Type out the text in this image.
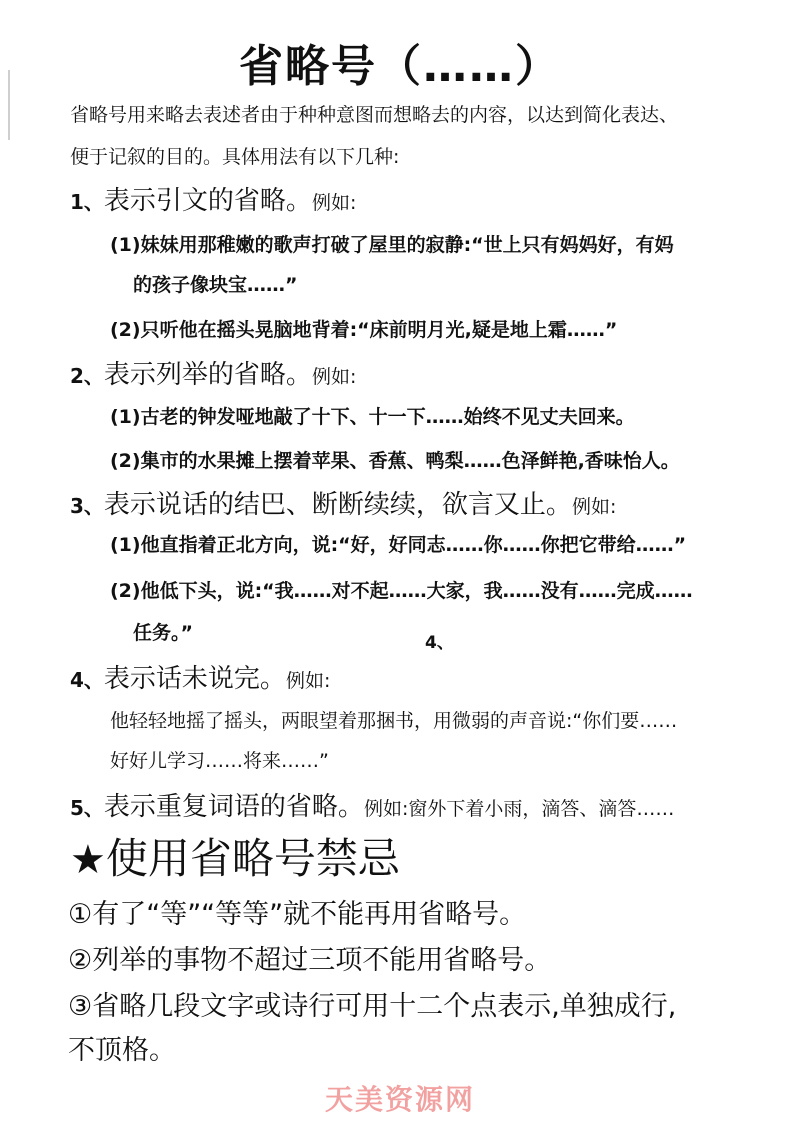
省略号（……）
省略号用来略去表述者由于种种意图而想略去的内容，以达到简化表达、
便于记叙的目的。具体用法有以下几种:
1、表示引文的省略。例如:
(1)妹妹用那稚嫩的歌声打破了屋里的寂静:“世上只有妈妈好，有妈
的孩子像块宝……”
(2)只听他在摇头晃脑地背着:“床前明月光,疑是地上霜……”
2、表示列举的省略。例如:
(1)古老的钟发哑地敲了十下、十一下……始终不见丈夫回来。
(2)集市的水果摊上摆着苹果、香蕉、鸭梨……色泽鲜艳,香味怡人。
3、表示说话的结巴、断断续续，欲言又止。例如:
(1)他直指着正北方向，说:“好，好同志……你……你把它带给……”
(2)他低下头，说:“我……对不起……大家，我……没有……完成……
任务。”	4、
4、表示话未说完。例如:
他轻轻地摇了摇头，两眼望着那捆书，用微弱的声音说:“你们要……
好好儿学习……将来……”
5、表示重复词语的省略。例如:窗外下着小雨，滴答、滴答……
★使用省略号禁忌
①有了“等”“等等”就不能再用省略号。
②列举的事物不超过三项不能用省略号。
③省略几段文字或诗行可用十二个点表示,单独成行,
不顶格。
天美资源网
